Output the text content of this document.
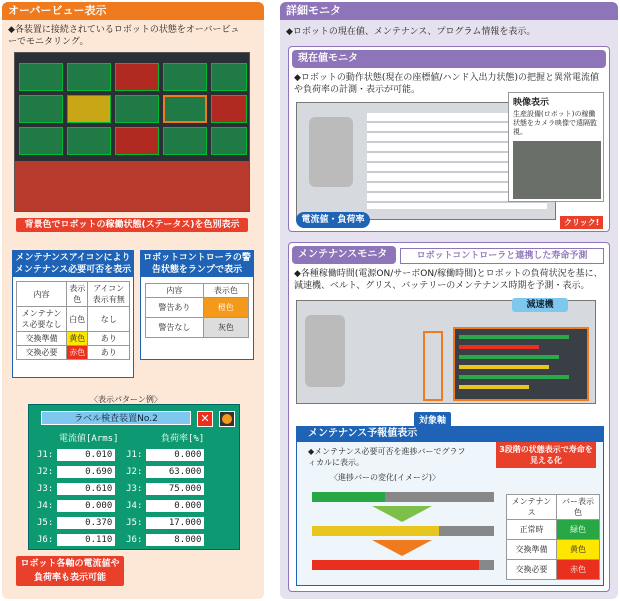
オーバービュー表示
◆各装置に接続されているロボットの状態をオーバービューでモニタリング。
背景色でロボットの稼働状態(ステータス)を色別表示
メンテナンスアイコンによりメンテナンス必要可否を表示
内容	表示色	アイコン表示有無
メンテナンス必要なし	白色	なし
交換準備	黄色	あり
交換必要	赤色	あり
ロボットコントローラの警告状態をランプで表示
内容	表示色
警告あり	橙色
警告なし	灰色
〈表示パターン例〉
ラベル検査装置No.2	✕
電流値[Arms]	負荷率[%]
J1:	0.010 J1:	0.000
J2:	0.690 J2:	63.000
J3:	0.610 J3:	75.000
J4:	0.000 J4:	0.000
J5:	0.370 J5:	17.000
J6:	0.110 J6:	8.000
ロボット各軸の電流値や負荷率も表示可能
詳細モニタ
◆ロボットの現在値、メンテナンス、プログラム情報を表示。
現在値モニタ
◆ロボットの動作状態(現在の座標値/ハンド入出力状態)の把握と異常電流値や負荷率の計測・表示が可能。
映像表示
生産設備(ロボット)の稼働状態をカメラ映像で遠隔監視。
電流値・負荷率	クリック!
メンテナンスモニタ	ロボットコントローラと連携した寿命予測
◆各種稼働時間(電源ON/サーボON/稼働時間)とロボットの負荷状況を基に、減速機、ベルト、グリス、バッテリーのメンテナンス時期を予測・表示。
減速機
対象軸
メンテナンス予報値表示
◆メンテナンス必要可否を進捗バーでグラフィカルに表示。
3段階の状態表示で寿命を見える化
〈進捗バーの変化(イメージ)〉
メンテナンス	バー表示色
正常時	緑色
交換準備	黄色
交換必要	赤色
